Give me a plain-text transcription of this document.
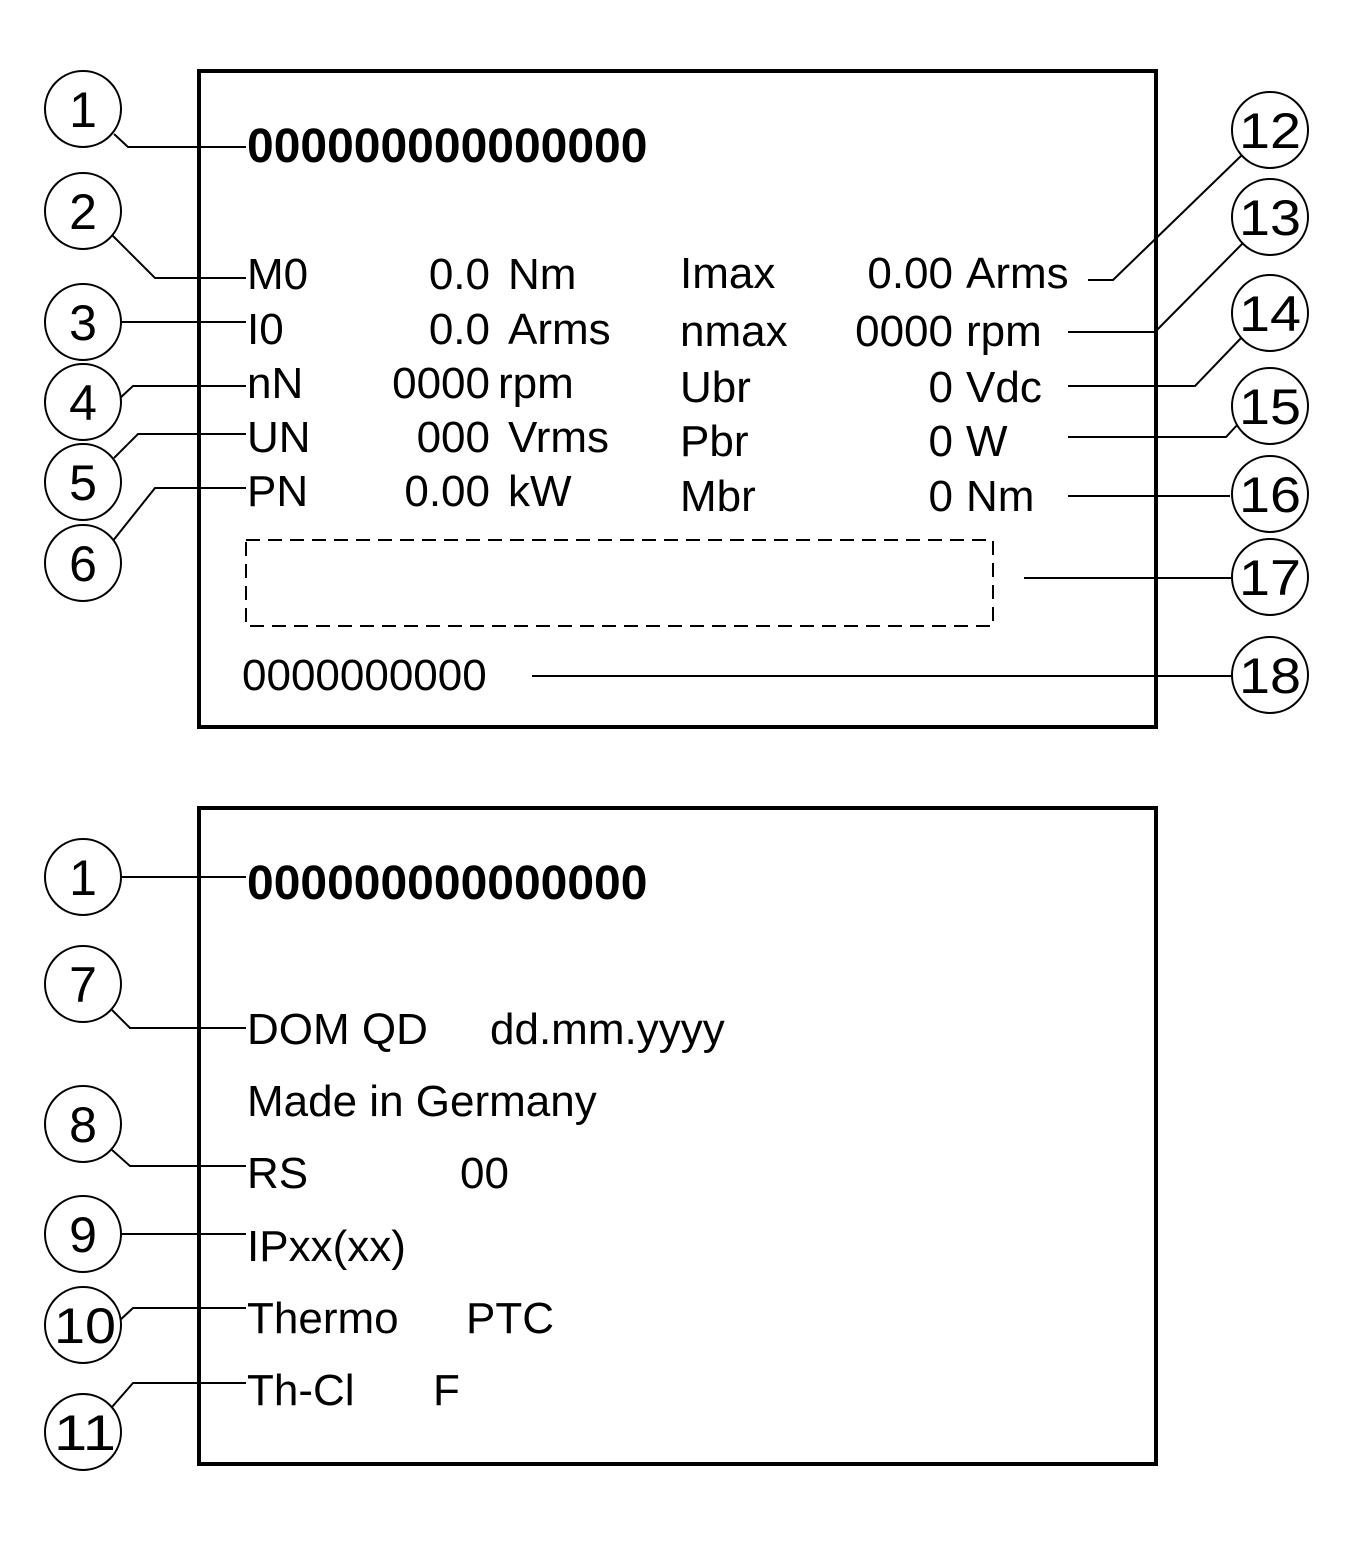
1
2
3
4
5
6
12
13
14
15
16
17
18
1
7
8
9
10
11
000000000000000
M0	0.0 Nm
I0	0.0 Arms
nN	0000 rpm
UN	000 Vrms
PN	0.00 kW
Imax	0.00 Arms
nmax	0000 rpm
Ubr	0 Vdc
Pbr	0 W
Mbr	0 Nm
0000000000
000000000000000
DOM QD dd.mm.yyyy
Made in Germany
RS	00
IPxx(xx)
Thermo PTC
Th-Cl F
